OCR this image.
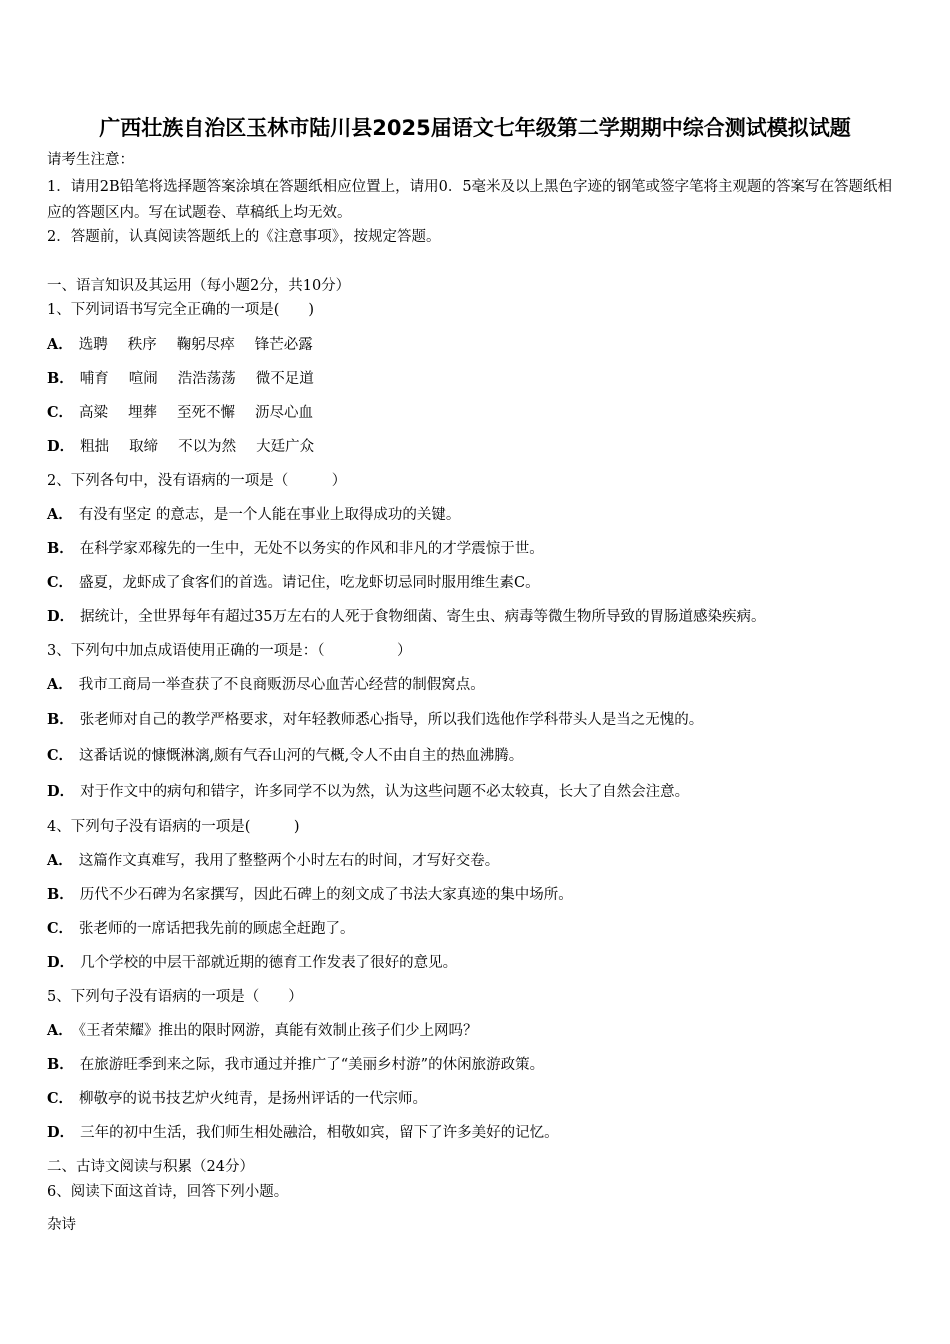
广西壮族自治区玉林市陆川县2025届语文七年级第二学期期中综合测试模拟试题
请考生注意：
1．请用2B铅笔将选择题答案涂填在答题纸相应位置上，请用0．5毫米及以上黑色字迹的钢笔或签字笔将主观题的答案写在答题纸相应的答题区内。写在试题卷、草稿纸上均无效。
2．答题前，认真阅读答题纸上的《注意事项》，按规定答题。
一、语言知识及其运用（每小题2分，共10分）
1、下列词语书写完全正确的一项是(　　)
A． 选聘 秩序 鞠躬尽瘁 锋芒必露
B． 哺育 喧闹 浩浩荡荡 微不足道
C． 高粱 埋葬 至死不懈 沥尽心血
D． 粗拙 取缔 不以为然 大廷广众
2、下列各句中，没有语病的一项是（　　　）
A． 有没有坚定 的意志，是一个人能在事业上取得成功的关键。
B． 在科学家邓稼先的一生中，无处不以务实的作风和非凡的才学震惊于世。
C． 盛夏，龙虾成了食客们的首选。请记住，吃龙虾切忌同时服用维生素C。
D． 据统计，全世界每年有超过35万左右的人死于食物细菌、寄生虫、病毒等微生物所导致的胃肠道感染疾病。
3、下列句中加点成语使用正确的一项是：（　　　　　）
A． 我市工商局一举查获了不良商贩沥尽心血苦心经营的制假窝点。
B． 张老师对自己的教学严格要求，对年轻教师悉心指导，所以我们选他作学科带头人是当之无愧的。
C． 这番话说的慷慨淋漓,颇有气吞山河的气概,令人不由自主的热血沸腾。
D． 对于作文中的病句和错字，许多同学不以为然，认为这些问题不必太较真，长大了自然会注意。
4、下列句子没有语病的一项是(　　　)
A． 这篇作文真难写，我用了整整两个小时左右的时间，才写好交卷。
B． 历代不少石碑为名家撰写，因此石碑上的刻文成了书法大家真迹的集中场所。
C． 张老师的一席话把我先前的顾虑全赶跑了。
D． 几个学校的中层干部就近期的德育工作发表了很好的意见。
5、下列句子没有语病的一项是（　　）
A． 《王者荣耀》推出的限时网游，真能有效制止孩子们少上网吗？
B． 在旅游旺季到来之际，我市通过并推广了“美丽乡村游”的休闲旅游政策。
C． 柳敬亭的说书技艺炉火纯青，是扬州评话的一代宗师。
D． 三年的初中生活，我们师生相处融洽，相敬如宾，留下了许多美好的记忆。
二、古诗文阅读与积累（24分）
6、阅读下面这首诗，回答下列小题。
杂诗
